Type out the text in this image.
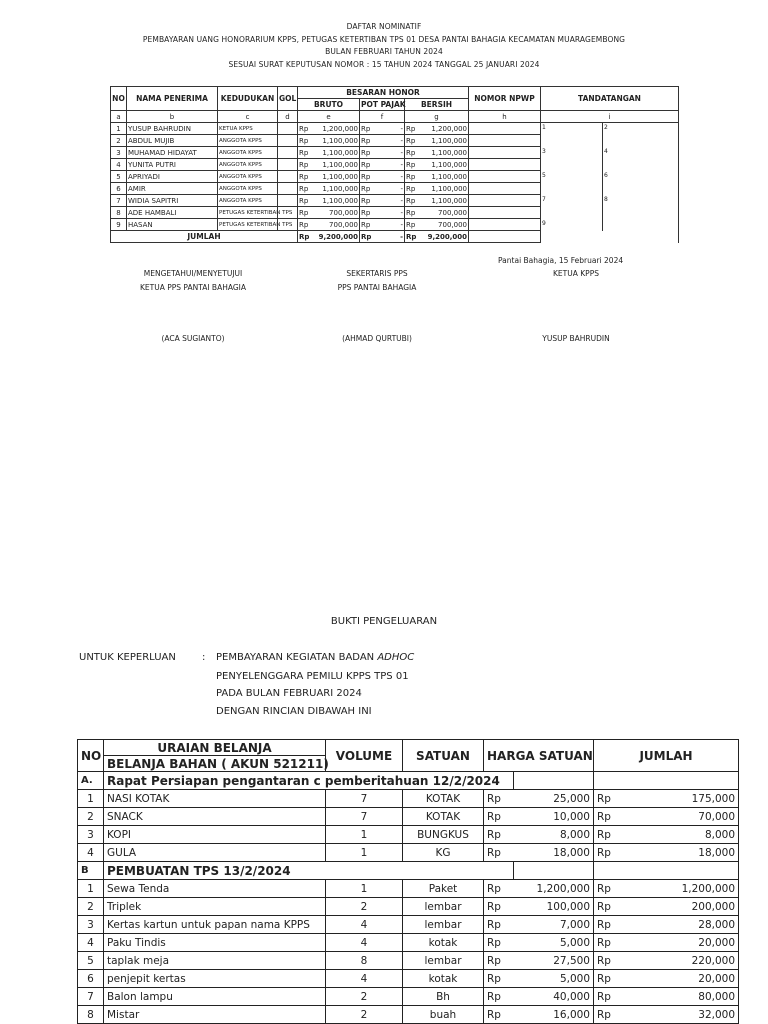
DAFTAR NOMINATIF
PEMBAYARAN UANG HONORARIUM KPPS, PETUGAS KETERTIBAN TPS 01 DESA PANTAI BAHAGIA KECAMATAN MUARAGEMBONG
BULAN FEBRUARI TAHUN 2024
SESUAI SURAT KEPUTUSAN NOMOR : 15 TAHUN 2024 TANGGAL 25 JANUARI 2024
NO	NAMA PENERIMA	KEDUDUKAN	GOL	BESARAN HONOR						NOMOR NPWP	TANDATANGAN	
				BRUTO		POT PAJAK		BERSIH				
a	b	c	d	e		f		g		h	i	
1	YUSUP BAHRUDIN	KETUA KPPS		Rp	1,200,000	Rp	-	Rp	1,200,000		1	2
2	ABDUL MUJIB	ANGGOTA KPPS		Rp	1,100,000	Rp	-	Rp	1,100,000			
3	MUHAMAD HIDAYAT	ANGGOTA KPPS		Rp	1,100,000	Rp	-	Rp	1,100,000		3	4
4	YUNITA PUTRI	ANGGOTA KPPS		Rp	1,100,000	Rp	-	Rp	1,100,000			
5	APRIYADI	ANGGOTA KPPS		Rp	1,100,000	Rp	-	Rp	1,100,000		5	6
6	AMIR	ANGGOTA KPPS		Rp	1,100,000	Rp	-	Rp	1,100,000			
7	WIDIA SAPITRI	ANGGOTA KPPS		Rp	1,100,000	Rp	-	Rp	1,100,000		7	8
8	ADE HAMBALI	PETUGAS KETERTIBAN TPS		Rp	700,000	Rp	-	Rp	700,000			
9	HASAN	PETUGAS KETERTIBAN TPS		Rp	700,000	Rp	-	Rp	700,000		9	
JUMLAH				Rp	9,200,000	Rp	-	Rp	9,200,000			
Pantai Bahagia, 15 Februari 2024
MENGETAHUI/MENYETUJUI
KETUA PPS PANTAI BAHAGIA
(ACA SUGIANTO)
SEKERTARIS PPS
PPS PANTAI BAHAGIA
(AHMAD QURTUBI)
KETUA KPPS
YUSUP BAHRUDIN
BUKTI PENGELUARAN
UNTUK KEPERLUAN	: PEMBAYARAN KEGIATAN BADAN ADHOC
PENYELENGGARA PEMILU KPPS TPS 01
PADA BULAN FEBRUARI 2024
DENGAN RINCIAN DIBAWAH INI
NO	URAIAN BELANJA	VOLUME	SATUAN	HARGA SATUAN		JUMLAH	
	BELANJA BAHAN ( AKUN 521211)						
A.	Rapat Persiapan pengantaran c pemberitahuan 12/2/2024						
1	NASI KOTAK	7	KOTAK	Rp	25,000	Rp	175,000
2	SNACK	7	KOTAK	Rp	10,000	Rp	70,000
3	KOPI	1	BUNGKUS	Rp	8,000	Rp	8,000
4	GULA	1	KG	Rp	18,000	Rp	18,000
B	PEMBUATAN TPS 13/2/2024						
1	Sewa Tenda	1	Paket	Rp	1,200,000	Rp	1,200,000
2	Triplek	2	lembar	Rp	100,000	Rp	200,000
3	Kertas kartun untuk papan nama KPPS	4	lembar	Rp	7,000	Rp	28,000
4	Paku Tindis	4	kotak	Rp	5,000	Rp	20,000
5	taplak meja	8	lembar	Rp	27,500	Rp	220,000
6	penjepit kertas	4	kotak	Rp	5,000	Rp	20,000
7	Balon lampu	2	Bh	Rp	40,000	Rp	80,000
8	Mistar	2	buah	Rp	16,000	Rp	32,000
